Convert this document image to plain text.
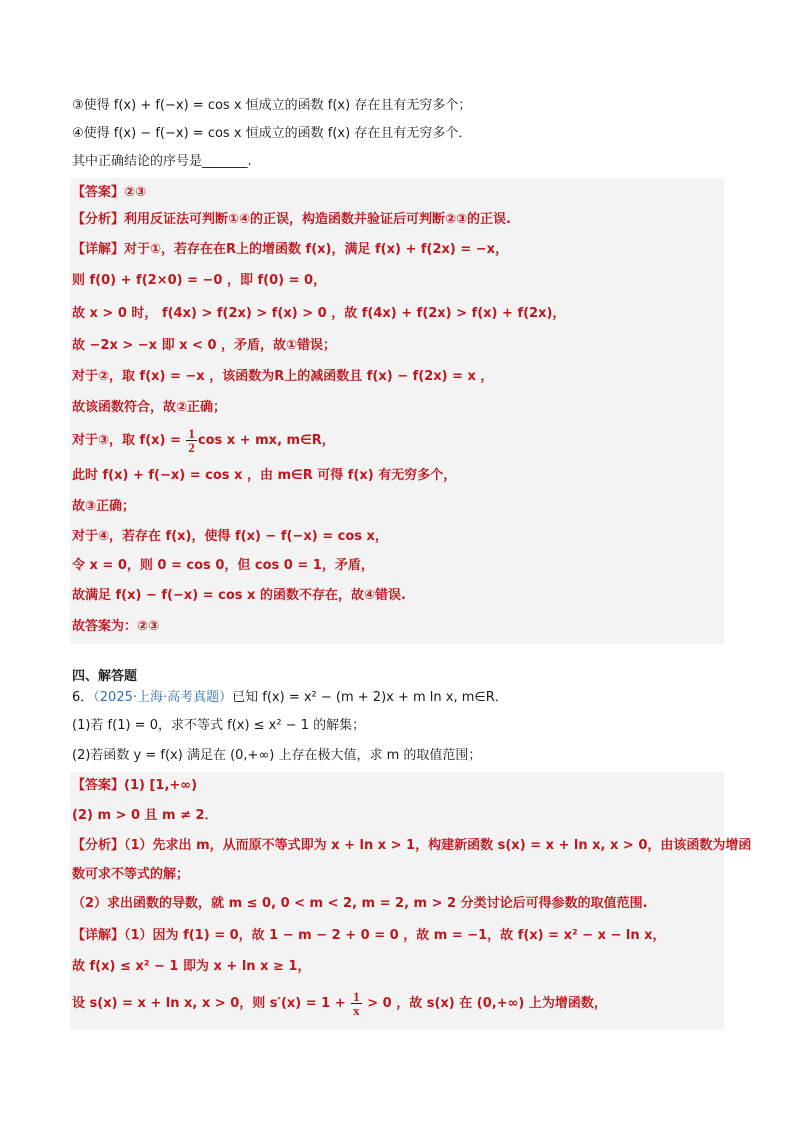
③使得 f(x) + f(−x) = cos x 恒成立的函数 f(x) 存在且有无穷多个；
④使得 f(x) − f(−x) = cos x 恒成立的函数 f(x) 存在且有无穷多个．
其中正确结论的序号是_______.
【答案】②③
【分析】利用反证法可判断①④的正误，构造函数并验证后可判断②③的正误.
【详解】对于①，若存在在R上的增函数 f(x)，满足 f(x) + f(2x) = −x，
则 f(0) + f(2×0) = −0 ，即 f(0) = 0，
故 x > 0 时， f(4x) > f(2x) > f(x) > 0 ，故 f(4x) + f(2x) > f(x) + f(2x)，
故 −2x > −x 即 x < 0 ，矛盾，故①错误；
对于②，取 f(x) = −x ，该函数为R上的减函数且 f(x) − f(2x) = x ，
故该函数符合，故②正确；
对于③，取 $f(x) = \frac{1}{2}$ cos x + mx, m∈R，
此时 f(x) + f(−x) = cos x ，由 m∈R 可得 f(x) 有无穷多个，
故③正确；
对于④，若存在 f(x)，使得 f(x) − f(−x) = cos x，
令 x = 0，则 0 = cos 0，但 cos 0 = 1，矛盾，
故满足 f(x) − f(−x) = cos x 的函数不存在，故④错误.
故答案为：②③
四、解答题
6．（2025·上海·高考真题）已知 f(x) = x² − (m + 2)x + m ln x, m∈R．
(1)若 f(1) = 0，求不等式 f(x) ≤ x² − 1 的解集；
(2)若函数 y = f(x) 满足在 (0,+∞) 上存在极大值，求 m 的取值范围；
【答案】(1) [1,+∞)
(2) m > 0 且 m ≠ 2．
【分析】（1）先求出 m，从而原不等式即为 x + ln x > 1，构建新函数 s(x) = x + ln x, x > 0，由该函数为增函
数可求不等式的解；
（2）求出函数的导数，就 m ≤ 0, 0 < m < 2, m = 2, m > 2 分类讨论后可得参数的取值范围.
【详解】（1）因为 f(1) = 0，故 1 − m − 2 + 0 = 0 ，故 m = −1，故 f(x) = x² − x − ln x，
故 f(x) ≤ x² − 1 即为 x + ln x ≥ 1，
设 s(x) = x + ln x, x > 0，则 $s'(x) = 1 + \frac{1}{x} > 0$ ，故 s(x) 在 (0,+∞) 上为增函数，
